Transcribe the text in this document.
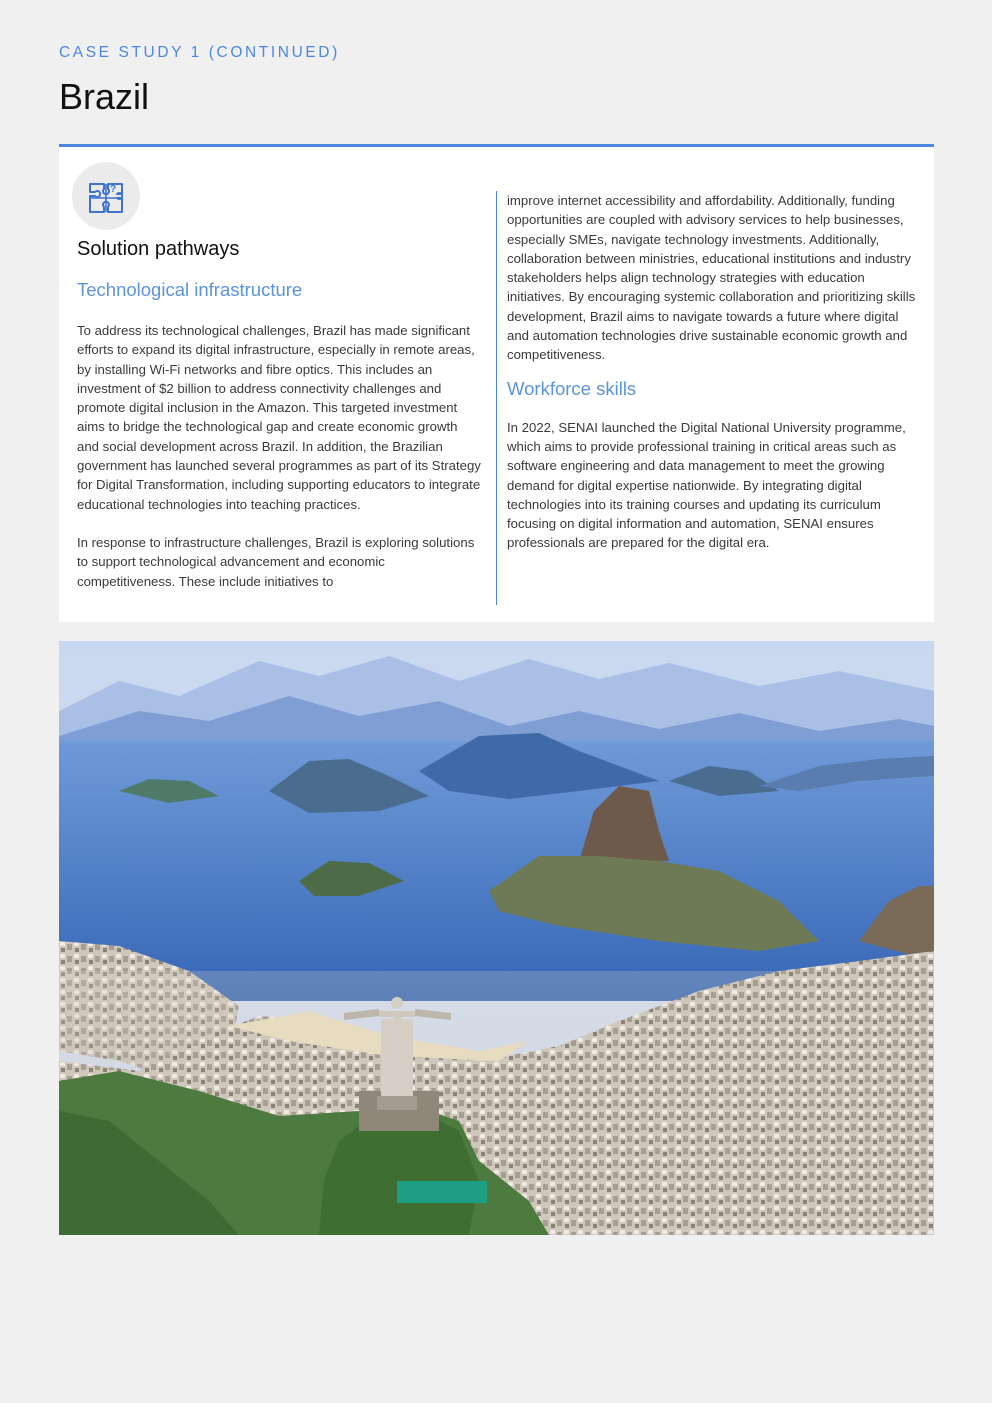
CASE STUDY 1 (CONTINUED)
Brazil
?
Solution pathways
Technological infrastructure

To address its technological challenges, Brazil has made significant efforts to expand its digital infrastructure, especially in remote areas, by installing Wi-Fi networks and fibre optics. This includes an investment of $2 billion to address connectivity challenges and promote digital inclusion in the Amazon. This targeted investment aims to bridge the technological gap and create economic growth and social development across Brazil. In addition, the Brazilian government has launched several programmes as part of its Strategy for Digital Transformation, including supporting educators to integrate educational technologies into teaching practices.

In response to infrastructure challenges, Brazil is exploring solutions to support technological advancement and economic competitiveness. These include initiatives to

improve internet accessibility and affordability. Additionally, funding opportunities are coupled with advisory services to help businesses, especially SMEs, navigate technology investments. Additionally, collaboration between ministries, educational institutions and industry stakeholders helps align technology strategies with education initiatives. By encouraging systemic collaboration and prioritizing skills development, Brazil aims to navigate towards a future where digital and automation technologies drive sustainable economic growth and competitiveness.

Workforce skills

In 2022, SENAI launched the Digital National University programme, which aims to provide professional training in critical areas such as software engineering and data management to meet the growing demand for digital expertise nationwide. By integrating digital technologies into its training courses and updating its curriculum focusing on digital information and automation, SENAI ensures professionals are prepared for the digital era.
